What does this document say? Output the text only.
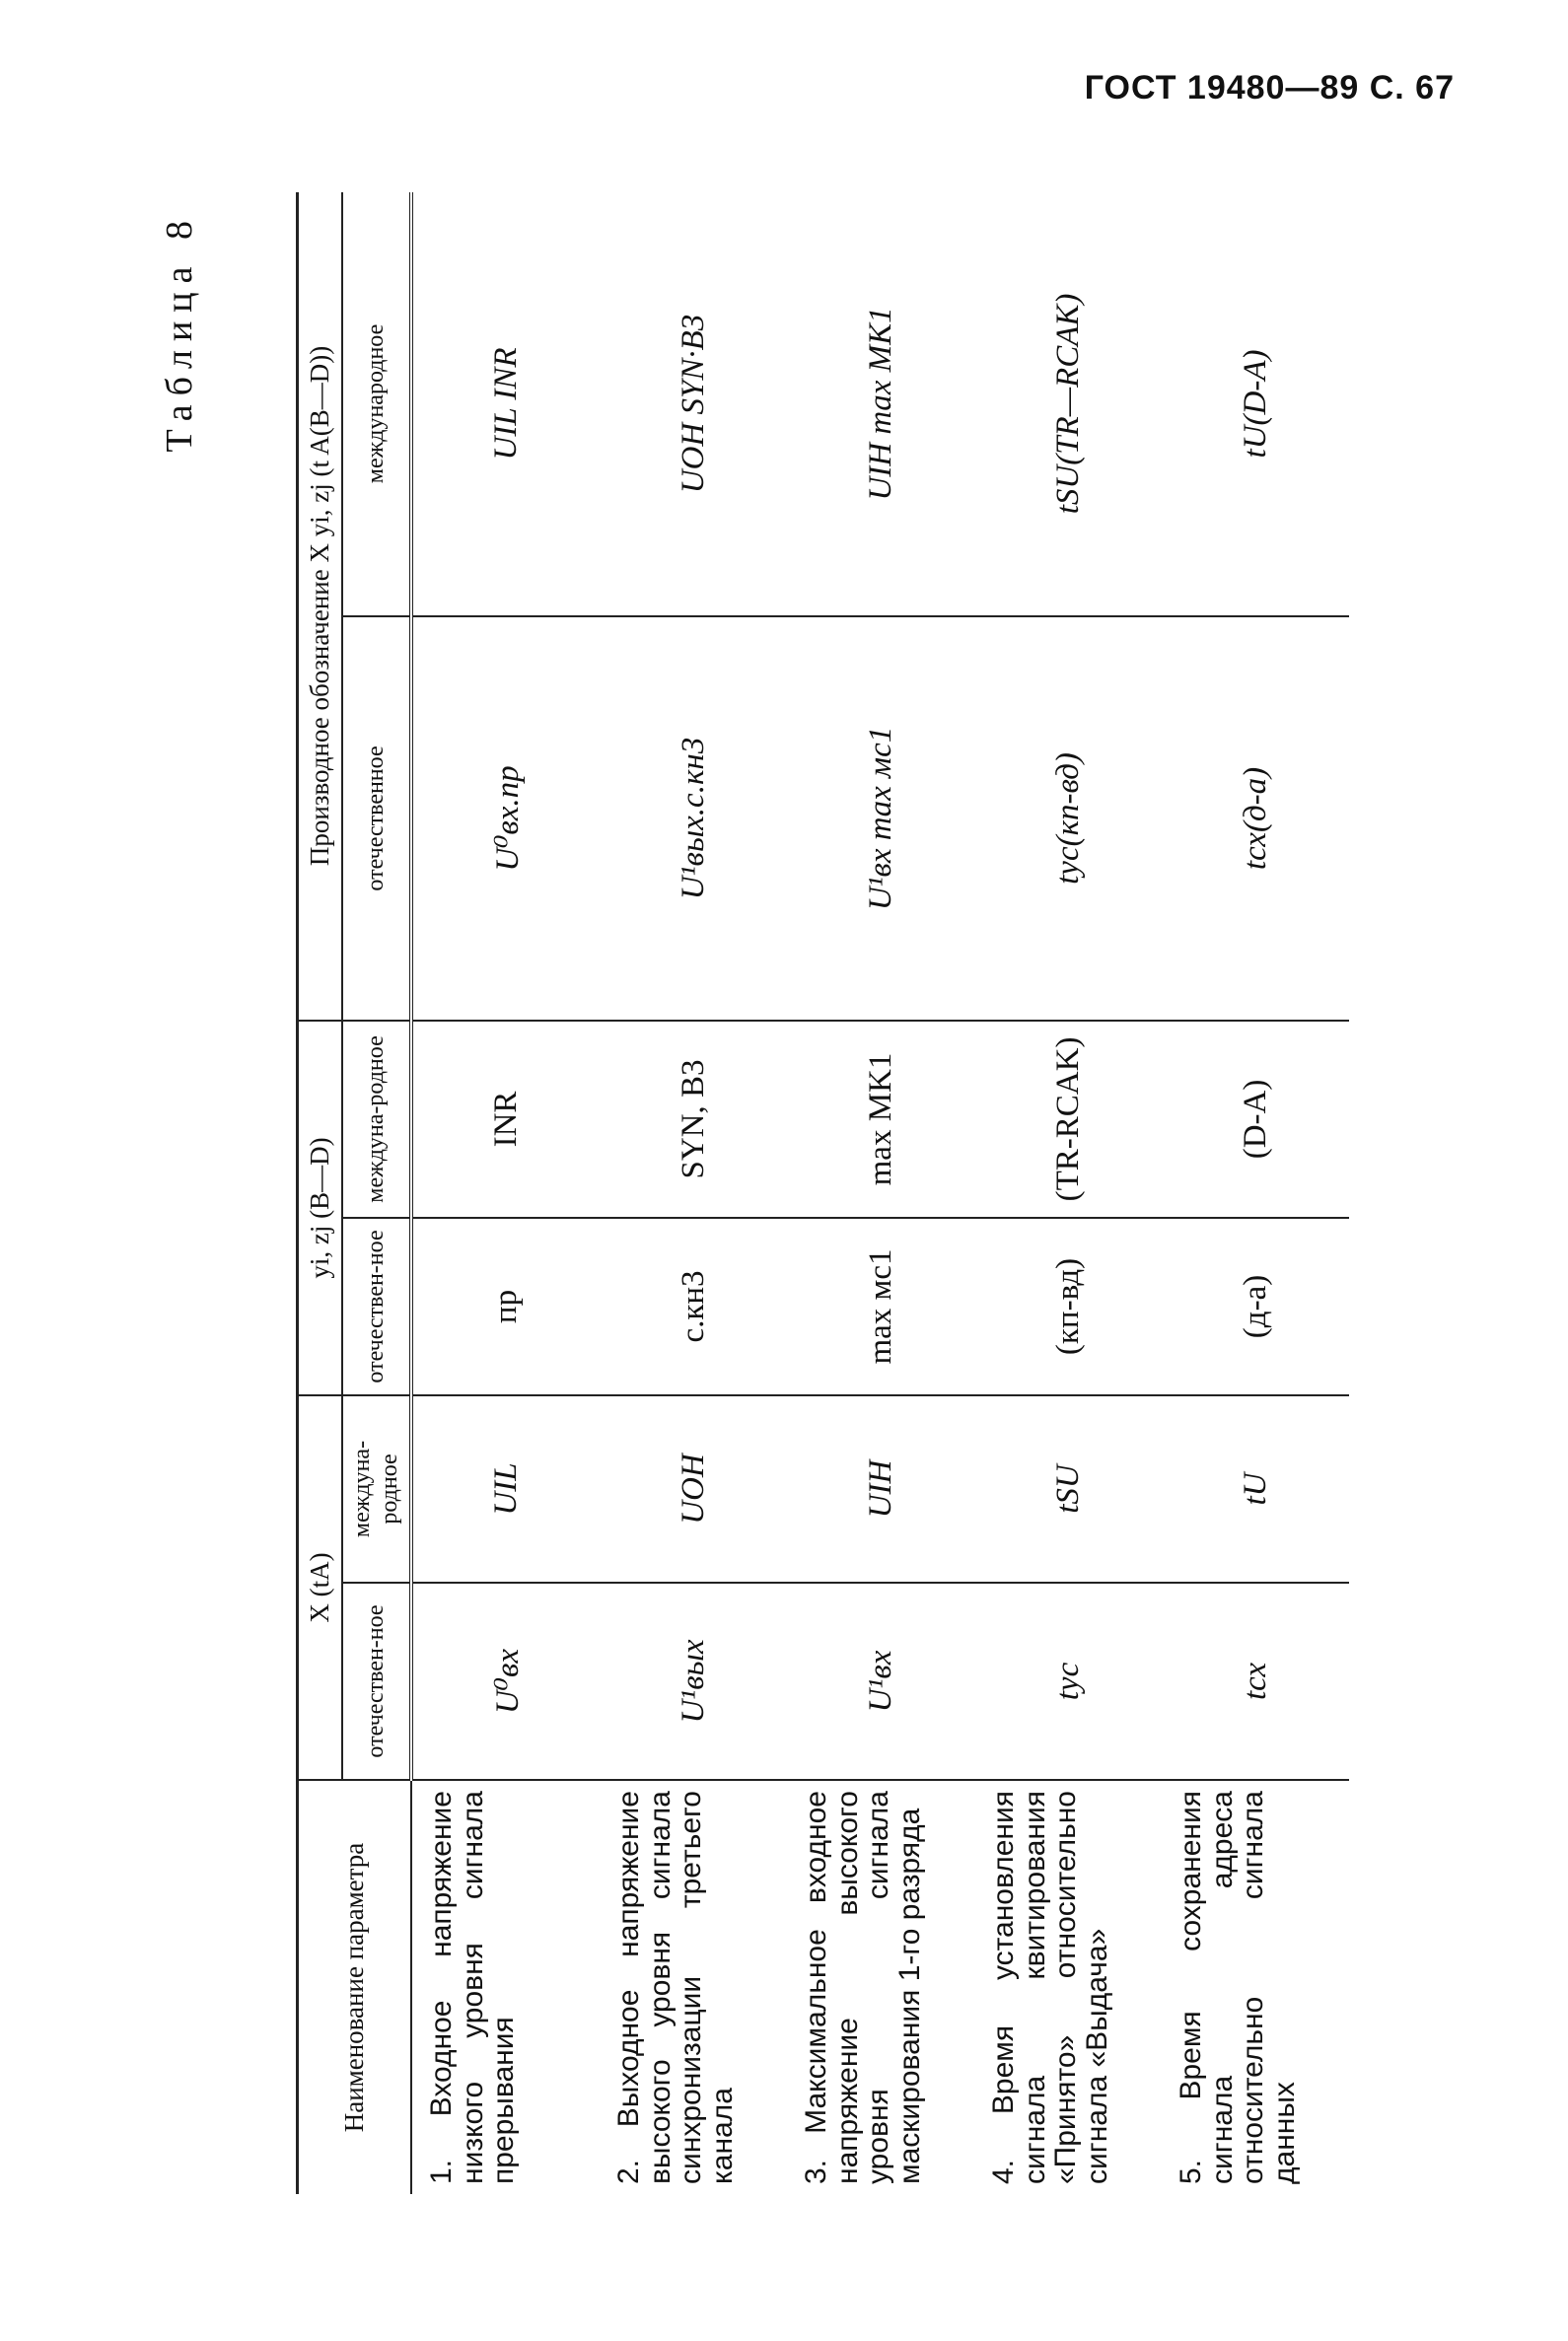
ГОСТ 19480—89 С. 67
Таблица 8
Наименование параметра	X (tA)		yi, zj (B—D)		Производное обозначение X yi, zj (t A(B—D))	
	отечествен-ное	междуна-родное	отечествен-ное	междуна-родное	отечественное	международное
1. Входное напряжение низкого уровня сигнала прерывания	U⁰вх	UIL	пр	INR	U⁰вх.пр	UIL INR
2. Выходное напряжение высокого уровня сигнала синхронизации третьего канала	U¹вых	UOH	с.кн3	SYN, B3	U¹вых.с.кн3	UOH SYN·B3
3. Максимальное входное напряжение высокого уровня сигнала маскирования 1-го разряда	U¹вх	UIH	max мс1	max MK1	U¹вх max мс1	UIH max MK1
4. Время установления сигнала квитирования «Принято» относительно сигнала «Выдача»	tус	tSU	(кп-вд)	(TR-RCAK)	tус(кп-вд)	tSU(TR—RCAK)
5. Время сохранения сигнала адреса относительно сигнала данных	tсх	tU	(д-а)	(D-A)	tсх(д-а)	tU(D-A)
